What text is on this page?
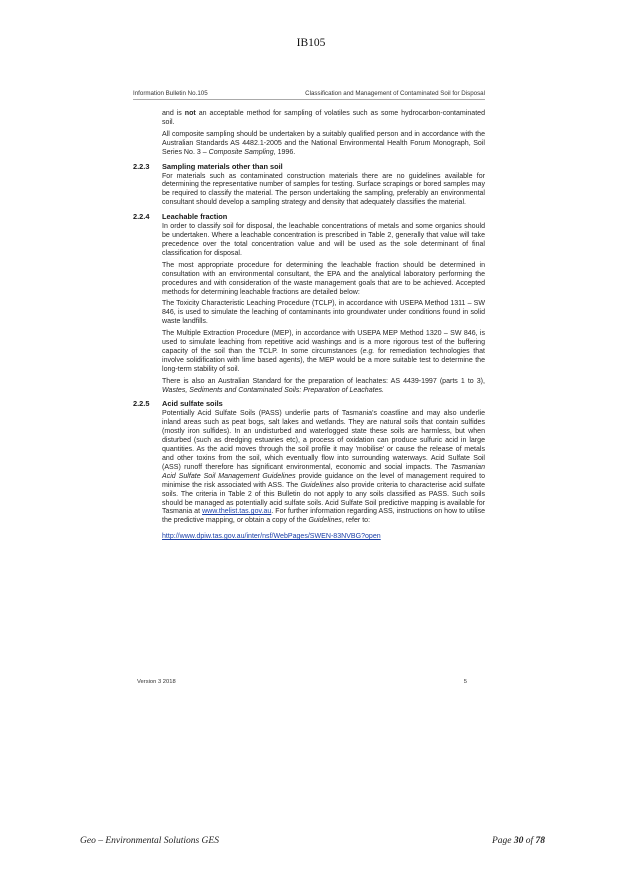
IB105
Information Bulletin No.105	Classification and Management of Contaminated Soil for Disposal

and is not an acceptable method for sampling of volatiles such as some hydrocarbon-contaminated soil.

All composite sampling should be undertaken by a suitably qualified person and in accordance with the Australian Standards AS 4482.1-2005 and the National Environmental Health Forum Monograph, Soil Series No. 3 – Composite Sampling, 1996.

2.2.3	Sampling materials other than soil

For materials such as contaminated construction materials there are no guidelines available for determining the representative number of samples for testing. Surface scrapings or bored samples may be required to classify the material. The person undertaking the sampling, preferably an environmental consultant should develop a sampling strategy and density that adequately classifies the material.

2.2.4	Leachable fraction

In order to classify soil for disposal, the leachable concentrations of metals and some organics should be undertaken. Where a leachable concentration is prescribed in Table 2, generally that value will take precedence over the total concentration value and will be used as the sole determinant of final classification for disposal.

The most appropriate procedure for determining the leachable fraction should be determined in consultation with an environmental consultant, the EPA and the analytical laboratory performing the procedures and with consideration of the waste management goals that are to be achieved. Accepted methods for determining leachable fractions are detailed below:

The Toxicity Characteristic Leaching Procedure (TCLP), in accordance with USEPA Method 1311 – SW 846, is used to simulate the leaching of contaminants into groundwater under conditions found in solid waste landfills.

The Multiple Extraction Procedure (MEP), in accordance with USEPA MEP Method 1320 – SW 846, is used to simulate leaching from repetitive acid washings and is a more rigorous test of the buffering capacity of the soil than the TCLP. In some circumstances (e.g. for remediation technologies that involve solidification with lime based agents), the MEP would be a more suitable test to determine the long-term stability of soil.

There is also an Australian Standard for the preparation of leachates: AS 4439-1997 (parts 1 to 3), Wastes, Sediments and Contaminated Soils: Preparation of Leachates.

2.2.5	Acid sulfate soils

Potentially Acid Sulfate Soils (PASS) underlie parts of Tasmania's coastline and may also underlie inland areas such as peat bogs, salt lakes and wetlands. They are natural soils that contain sulfides (mostly iron sulfides). In an undisturbed and waterlogged state these soils are harmless, but when disturbed (such as dredging estuaries etc), a process of oxidation can produce sulfuric acid in large quantities. As the acid moves through the soil profile it may 'mobilise' or cause the release of metals and other toxins from the soil, which eventually flow into surrounding waterways. Acid Sulfate Soil (ASS) runoff therefore has significant environmental, economic and social impacts. The Tasmanian Acid Sulfate Soil Management Guidelines provide guidance on the level of management required to minimise the risk associated with ASS. The Guidelines also provide criteria to characterise acid sulfate soils. The criteria in Table 2 of this Bulletin do not apply to any soils classified as PASS. Such soils should be managed as potentially acid sulfate soils. Acid Sulfate Soil predictive mapping is available for Tasmania at www.thelist.tas.gov.au. For further information regarding ASS, instructions on how to utilise the predictive mapping, or obtain a copy of the Guidelines, refer to:

http://www.dpiw.tas.gov.au/inter/nsf/WebPages/SWEN-83NVBG?open
Version 3 2018	5
Geo – Environmental Solutions GES	Page 30 of 78
